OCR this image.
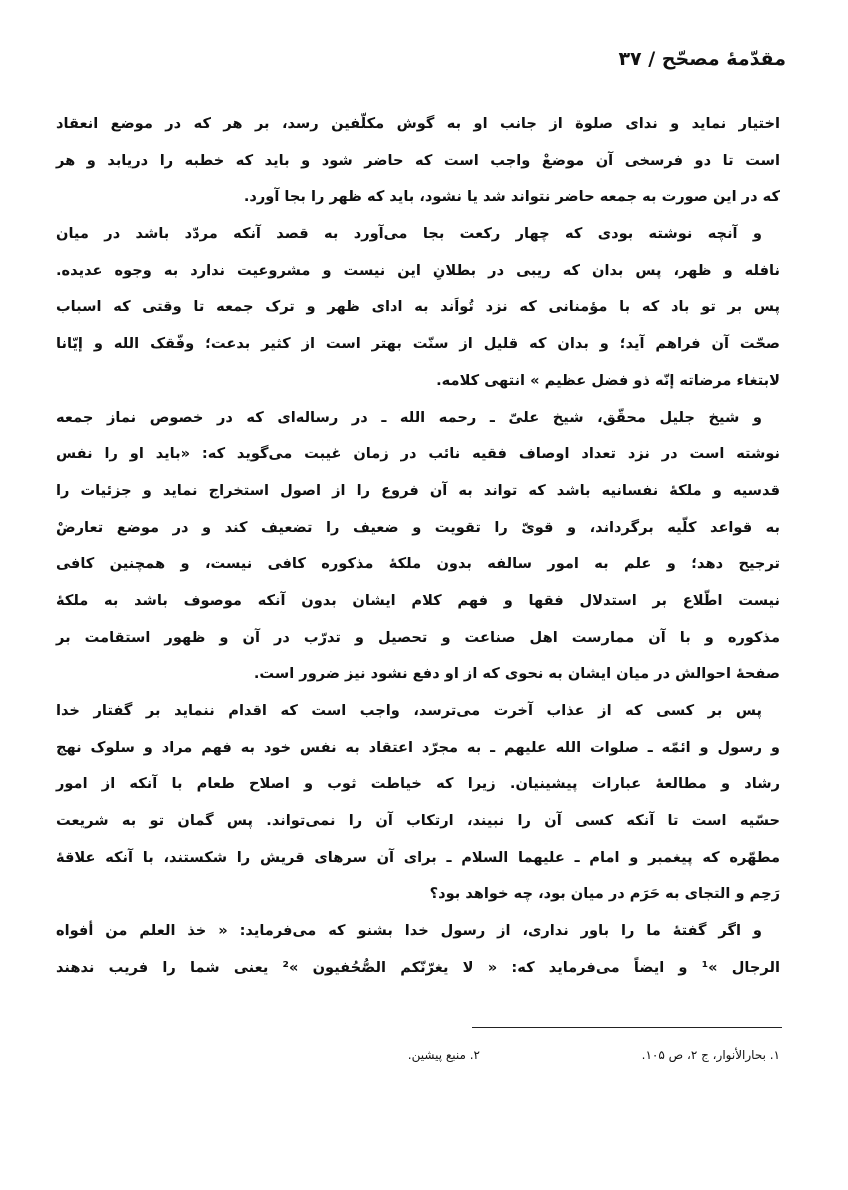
مقدّمهٔ مصحّح / ۳۷
اختیار نماید و ندای صلوة از جانب او به گوش مکلّفین رسد، بر هر که در موضع انعقاد
است تا دو فرسخی آن موضعْ واجب است که حاضر شود و باید که خطبه را دریابد و هر
که در این صورت به جمعه حاضر نتواند شد یا نشود، باید که ظهر را بجا آورد.
و آنچه نوشته بودی که چهار رکعت بجا می‌آورد به قصد آنکه مردّد باشد در میان
نافله و ظهر، پس بدان که ریبی در بطلانِ این نیست و مشروعیت ندارد به وجوه عدیده.
پس بر تو باد که با مؤمنانی که نزد تُواَند به ادای ظهر و ترک جمعه تا وقتی که اسباب
صحّت آن فراهم آید؛ و بدان که قلیل از سنّت بهتر است از کثیر بدعت؛ وفّقک الله و إیّانا
لابتغاء مرضاته إنّه ذو فضل عظیم » انتهی کلامه.
و شیخ جلیل محقّق، شیخ علیّ ـ رحمه الله ـ در رساله‌ای که در خصوص نماز جمعه
نوشته است در نزد تعداد اوصاف فقیه نائب در زمان غیبت می‌گوید که: «باید او را نفس
قدسیه و ملکهٔ نفسانیه باشد که تواند به آن فروع را از اصول استخراج نماید و جزئیات را
به قواعد کلّیه برگرداند، و قویّ را تقویت و ضعیف را تضعیف کند و در موضع تعارضْ
ترجیح دهد؛ و علم به امور سالفه بدون ملکهٔ مذکوره کافی نیست، و همچنین کافی
نیست اطّلاع بر استدلال فقها و فهم کلام ایشان بدون آنکه موصوف باشد به ملکهٔ
مذکوره و با آن ممارست اهل صناعت و تحصیل و تدرّب در آن و ظهور استقامت بر
صفحهٔ احوالش در میان ایشان به نحوی که از او دفع نشود نیز ضرور است.
پس بر کسی که از عذاب آخرت می‌ترسد، واجب است که اقدام ننماید بر گفتار خدا
و رسول و ائمّه ـ صلوات الله علیهم ـ به مجرّد اعتقاد به نفس خود به فهم مراد و سلوک نهج
رشاد و مطالعهٔ عبارات پیشینیان. زیرا که خیاطت ثوب و اصلاح طعام با آنکه از امور
حسّیه است تا آنکه کسی آن را نبیند، ارتکاب آن را نمی‌تواند. پس گمان تو به شریعت
مطهّره که پیغمبر و امام ـ علیهما السلام ـ برای آن سرهای قریش را شکستند، با آنکه علاقهٔ
رَحِم و التجای به حَرَم در میان بود، چه خواهد بود؟
و اگر گفتهٔ ما را باور نداری، از رسول خدا بشنو که می‌فرماید: « خذ العلم من أفواه
الرجال »¹ و ایضاً می‌فرماید که: « لا یغرّنّکم الصُّحُفیون »² یعنی شما را فریب ندهند
۱. بحارالأنوار، ج ۲، ص ۱۰۵.
۲. منبع پیشین.
